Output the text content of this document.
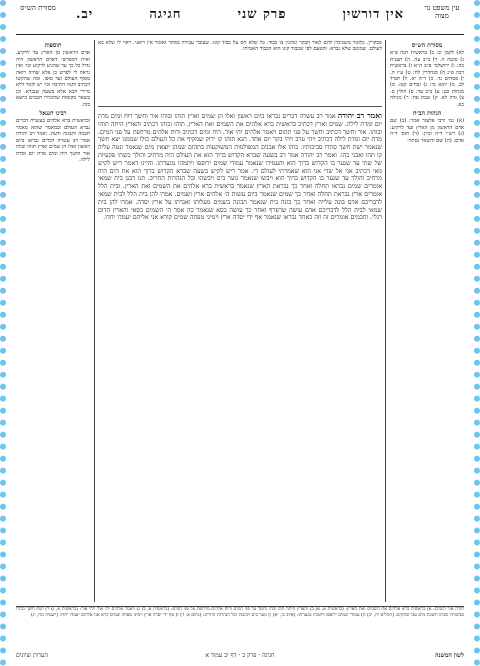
עין משפט נר מצוה
אין דורשין
פרק שני
חגיגה
יב.
מסורת הש״ס
מסורת הש״ס

לא) לקמן יב: ב) בראשית רבה פ״א ג) סוטה ה. ד) ב״ב עה. ה) תענית כה: ו) ירושלמי פ״ב ה״א ז) בראשית רבה פ״ג ח) סנהדרין לח: ט) ע״ז ה. י) פסחים נד. כ) ר״ה יא. ל) תמיד לב. מ) יומא נד: נ) זבחים קטז. ס) מנחות כט: ע) ב״ב עד: פ) חולין ס. צ) נדה לא. ק) שבת פח: ר) מגילה כא.

הגהות הב״ח

(א) גמ׳ ורבי אלעזר אמר: (ב) שם אדם הראשון מן הארץ ועד לרקיע: (ג) רש״י ד״ה וכיון: (ד) תוס׳ ד״ה אדם: (ה) שם והשאר נסתר:

מבקרין. כלומר משכימין להם לאור הבקר ונוהגין בו כבוד. כל שלא חס על כבוד קונו. שעובר עבירה בסתר ואומר אין רואני. ראוי לו שלא בא לעולם. שמוטב שלא נברא. והטעם לפי שכבוד קונו הוא הכבוד האמיתי.

ואמר רב יהודה אמר רב עשרה דברים נבראו ביום ראשון ואלו הן שמים וארץ תוהו ובוהו אור וחשך רוח ומים מדת יום ומדת לילה. שמים וארץ דכתיב בראשית ברא אלהים את השמים ואת הארץ. תוהו ובוהו דכתיב והארץ היתה תוהו ובוהו. אור וחשך דכתיב וחשך על פני תהום ויאמר אלהים יהי אור. רוח ומים דכתיב ורוח אלהים מרחפת על פני המים. מדת יום ומדת לילה דכתיב ויהי ערב ויהי בקר יום אחד. תנא תוהו קו ירוק שמקיף את כל העולם כולו שממנו יצא חשך שנאמר ישת חשך סתרו סביבותיו. בוהו אלו אבנים המפולמות המשוקעות בתהום שמהן יוצאין מים שנאמר ונטה עליה קו תהו ואבני בהו. ואמר רב יהודה אמר רב בשעה שברא הקדוש ברוך הוא את העולם היה מרחיב והולך כשתי פקעיות של שתי עד שגער בו הקדוש ברוך הוא והעמידו שנאמר עמודי שמים ירופפו ויתמהו מגערתו. והיינו דאמר ריש לקיש מאי דכתיב אני אל שדי אני הוא שאמרתי לעולם די. אמר ריש לקיש בשעה שברא הקדוש ברוך הוא את הים היה מרחיב והולך עד שגער בו הקדוש ברוך הוא ויבשו שנאמר גוער בים ויבשהו וכל הנהרות החריב. תנו רבנן בית שמאי אומרים שמים נבראו תחלה ואחר כך נבראת הארץ שנאמר בראשית ברא אלהים את השמים ואת הארץ. ובית הלל אומרים ארץ נבראת תחלה ואחר כך שמים שנאמר ביום עשות ה׳ אלהים ארץ ושמים. אמרו להן בית הלל לבית שמאי לדבריכם אדם בונה עלייה ואחר כך בונה בית שנאמר הבונה בשמים מעלותו ואגדתו על ארץ יסדה. אמרו להן בית שמאי לבית הלל לדבריכם אדם עושה שרפרף ואחר כך עושה כסא שנאמר כה אמר ה׳ השמים כסאי והארץ הדום רגלי. וחכמים אומרים זה וזה כאחד נבראו שנאמר אף ידי יסדה ארץ וימיני טפחה שמים קורא אני אליהם יעמדו יחדו.

תוספות

אדם הראשון מן הארץ עד לרקיע. ואית דמפרשי דאדם הראשון היה גדול כל כך עד שהגיע לרקיע וכו׳ ואין נראה לי לפרש כן אלא שהיה רואה מסוף העולם ועד סופו. ומה שהקשו דכתיב ותנח התיבה וכו׳ יש לומר דלא מיירי הכא אלא בשעה שנברא. וכן בשאר מקומות שהזכירו חכמים כיוצא בזה.

רבינו חננאל

ובראשית ברא אלהים בעשרה דברים נברא העולם ובמאמר שהוא מאמר חכמה ותבונה ודעת. ואמר רב יהודה אמר רב עשרה דברים נבראו ביום ראשון ואלו הן שמים וארץ תוהו ובוהו אור וחשך רוח ומים מדת יום ומדת לילה.

תורה אור השלם: א) בראשית ברא אלהים את השמים ואת הארץ: (בראשית א, א) ב) והארץ היתה תהו ובהו וחשך על פני תהום ורוח אלהים מרחפת על פני המים: (בראשית א, ב) ג) ויאמר אלהים יהי אור ויהי אור: (בראשית א, ג) ד) ישת חשך סתרו סביבותיו סכתו חשכת מים עבי שחקים: (תהלים יח, יב) ה) עמודי שמים ירופפו ויתמהו מגערתו: (איוב כו, יא) ו) גוער בים ויבשהו וכל הנהרות החריב: (נחום א, ד) ז) אף ידי יסדה ארץ וימיני טפחה שמים קרא אני אליהם יעמדו יחדו: (ישעיה מח, יג)

לשון המשנה
חגיגה · פרק ב · דף יב עמוד א
הערות וציונים
